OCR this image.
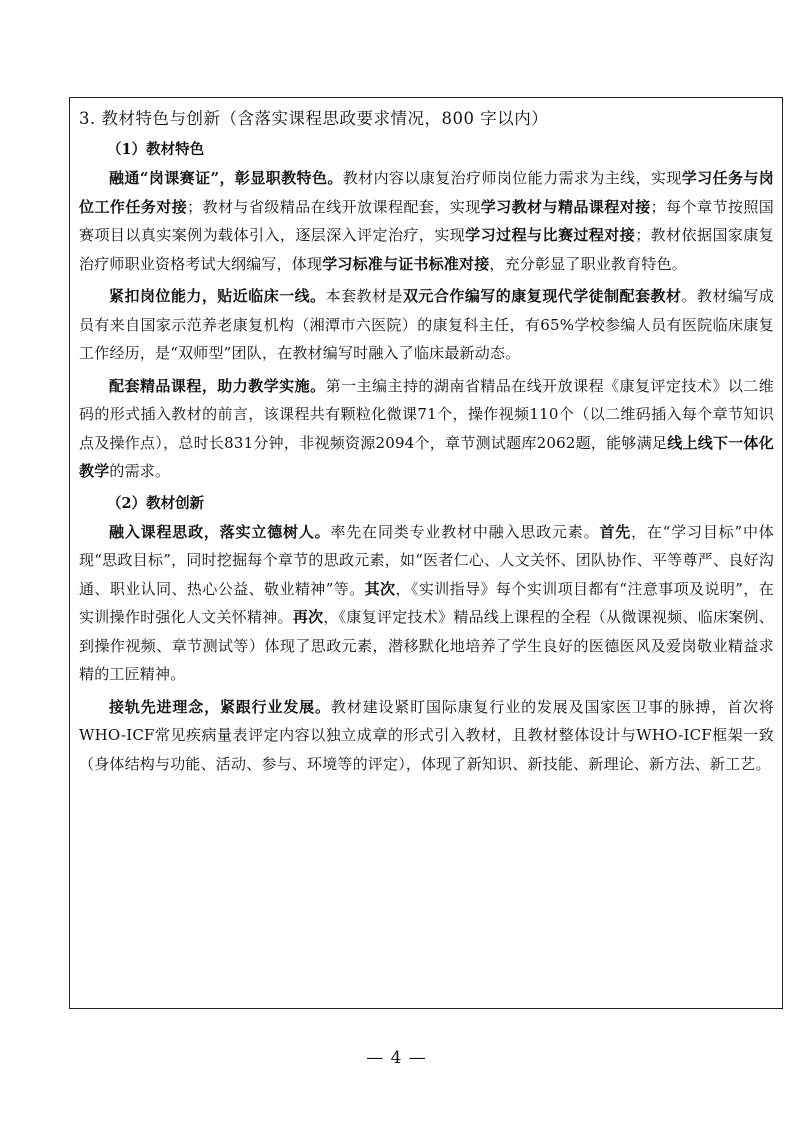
3. 教材特色与创新（含落实课程思政要求情况，800 字以内）
（1）教材特色

融通“岗课赛证”，彰显职教特色。教材内容以康复治疗师岗位能力需求为主线，实现学习任务与岗位工作任务对接；教材与省级精品在线开放课程配套，实现学习教材与精品课程对接；每个章节按照国赛项目以真实案例为载体引入，逐层深入评定治疗，实现学习过程与比赛过程对接；教材依据国家康复治疗师职业资格考试大纲编写，体现学习标准与证书标准对接，充分彰显了职业教育特色。

紧扣岗位能力，贴近临床一线。本套教材是双元合作编写的康复现代学徒制配套教材。教材编写成员有来自国家示范养老康复机构（湘潭市六医院）的康复科主任，有65%学校参编人员有医院临床康复工作经历，是“双师型”团队，在教材编写时融入了临床最新动态。

配套精品课程，助力教学实施。第一主编主持的湖南省精品在线开放课程《康复评定技术》以二维码的形式插入教材的前言，该课程共有颗粒化微课71个，操作视频110个（以二维码插入每个章节知识点及操作点），总时长831分钟，非视频资源2094个，章节测试题库2062题，能够满足线上线下一体化教学的需求。

（2）教材创新

融入课程思政，落实立德树人。率先在同类专业教材中融入思政元素。首先，在“学习目标”中体现“思政目标”，同时挖掘每个章节的思政元素，如“医者仁心、人文关怀、团队协作、平等尊严、良好沟通、职业认同、热心公益、敬业精神”等。其次，《实训指导》每个实训项目都有“注意事项及说明”，在实训操作时强化人文关怀精神。再次，《康复评定技术》精品线上课程的全程（从微课视频、临床案例、到操作视频、章节测试等）体现了思政元素，潜移默化地培养了学生良好的医德医风及爱岗敬业精益求精的工匠精神。

接轨先进理念，紧跟行业发展。教材建设紧盯国际康复行业的发展及国家医卫事的脉搏，首次将WHO-ICF常见疾病量表评定内容以独立成章的形式引入教材，且教材整体设计与WHO-ICF框架一致（身体结构与功能、活动、参与、环境等的评定），体现了新知识、新技能、新理论、新方法、新工艺。

— 4 —
